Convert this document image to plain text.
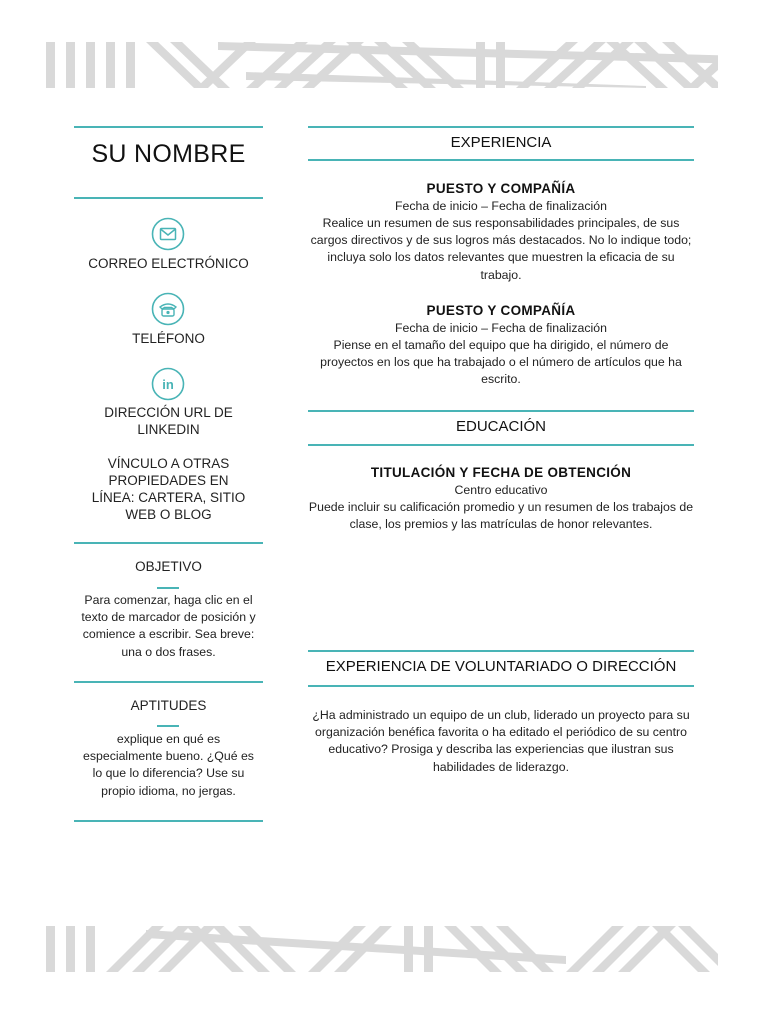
SU NOMBRE
CORREO ELECTRÓNICO
TELÉFONO
in
DIRECCIÓN URL DE LINKEDIN
VÍNCULO A OTRAS PROPIEDADES EN LÍNEA: CARTERA, SITIO WEB O BLOG
OBJETIVO
Para comenzar, haga clic en el texto de marcador de posición y comience a escribir. Sea breve: una o dos frases.
APTITUDES
explique en qué es especialmente bueno. ¿Qué es lo que lo diferencia? Use su propio idioma, no jergas.
EXPERIENCIA
PUESTO Y COMPAÑÍA
Fecha de inicio – Fecha de finalización
Realice un resumen de sus responsabilidades principales, de sus cargos directivos y de sus logros más destacados. No lo indique todo; incluya solo los datos relevantes que muestren la eficacia de su trabajo.
PUESTO Y COMPAÑÍA
Fecha de inicio – Fecha de finalización
Piense en el tamaño del equipo que ha dirigido, el número de proyectos en los que ha trabajado o el número de artículos que ha escrito.
EDUCACIÓN
TITULACIÓN Y FECHA DE OBTENCIÓN
Centro educativo
Puede incluir su calificación promedio y un resumen de los trabajos de clase, los premios y las matrículas de honor relevantes.
EXPERIENCIA DE VOLUNTARIADO O DIRECCIÓN
¿Ha administrado un equipo de un club, liderado un proyecto para su organización benéfica favorita o ha editado el periódico de su centro educativo? Prosiga y describa las experiencias que ilustran sus habilidades de liderazgo.
